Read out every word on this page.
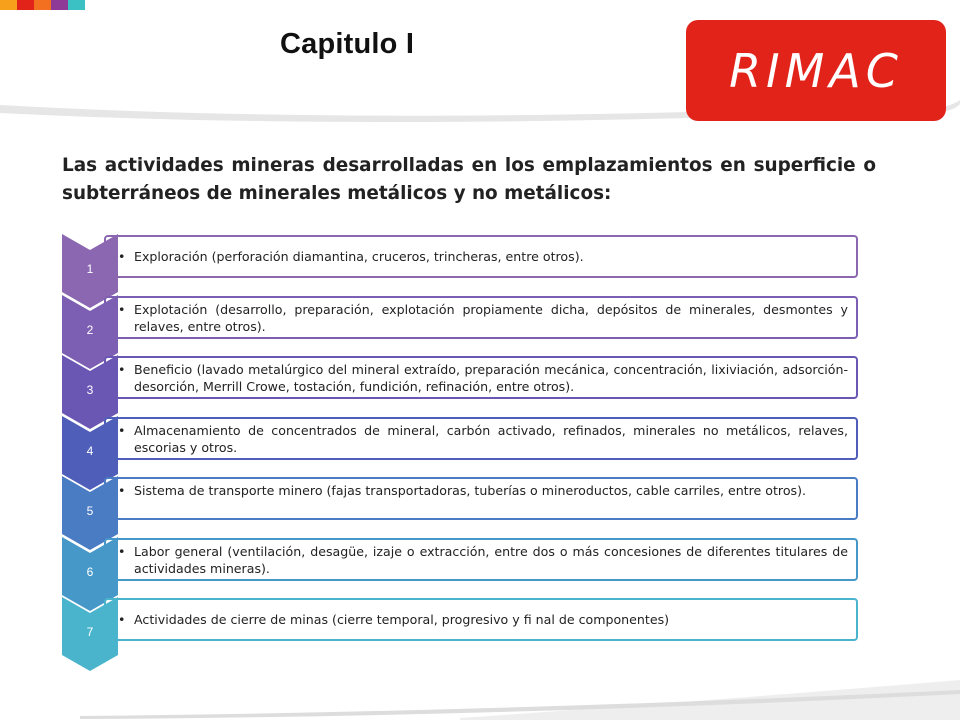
Capitulo I	RIMAC
Las actividades mineras desarrolladas en los emplazamientos en superficie o subterráneos de minerales metálicos y no metálicos:
1
• Exploración (perforación diamantina, cruceros, trincheras, entre otros).
2
• Explotación (desarrollo, preparación, explotación propiamente dicha, depósitos de minerales, desmontes y relaves, entre otros).
3
• Beneficio (lavado metalúrgico del mineral extraído, preparación mecánica, concentración, lixiviación, adsorción-desorción, Merrill Crowe, tostación, fundición, refinación, entre otros).
4
• Almacenamiento de concentrados de mineral, carbón activado, refinados, minerales no metálicos, relaves, escorias y otros.
5
• Sistema de transporte minero (fajas transportadoras, tuberías o mineroductos, cable carriles, entre otros).
6
• Labor general (ventilación, desagüe, izaje o extracción, entre dos o más concesiones de diferentes titulares de actividades mineras).
7
• Actividades de cierre de minas (cierre temporal, progresivo y fi nal de componentes)
